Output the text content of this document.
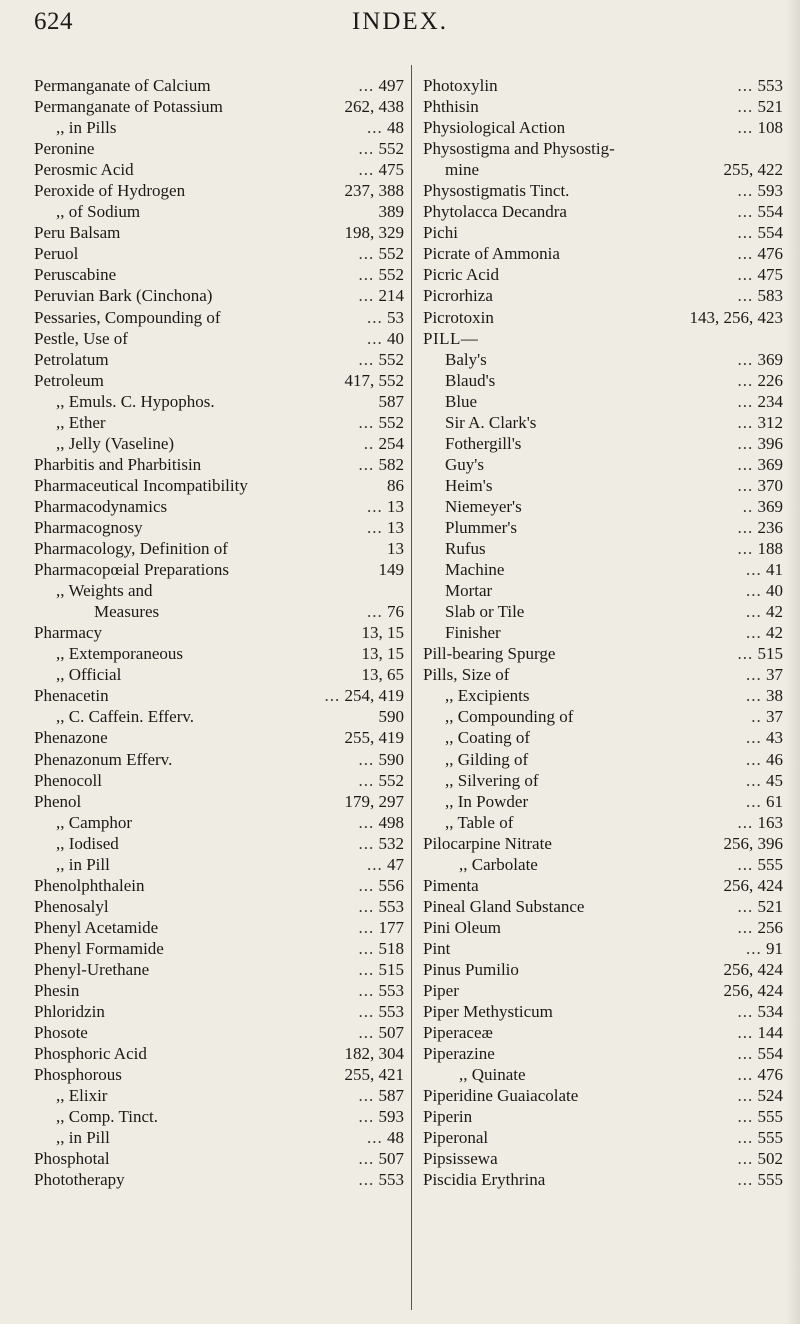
624	INDEX.
Permanganate of Calcium	... 497
Permanganate of Potassium	262, 438
,, in Pills	... 48
Peronine	... 552
Perosmic Acid	... 475
Peroxide of Hydrogen	237, 388
,, of Sodium	389
Peru Balsam	198, 329
Peruol	... 552
Peruscabine	... 552
Peruvian Bark (Cinchona)	... 214
Pessaries, Compounding of	... 53
Pestle, Use of	... 40
Petrolatum	... 552
Petroleum	417, 552
,, Emuls. C. Hypophos.	587
,, Ether	... 552
,, Jelly (Vaseline)	.. 254
Pharbitis and Pharbitisin	... 582
Pharmaceutical Incompatibility	86
Pharmacodynamics	... 13
Pharmacognosy	... 13
Pharmacology, Definition of	13
Pharmacopœial Preparations	149
,, Weights and
Measures	... 76
Pharmacy	13, 15
,, Extemporaneous	13, 15
,, Official	13, 65
Phenacetin	... 254, 419
,, C. Caffein. Efferv.	590
Phenazone	255, 419
Phenazonum Efferv.	... 590
Phenocoll	... 552
Phenol	179, 297
,, Camphor	... 498
,, Iodised	... 532
,, in Pill	... 47
Phenolphthalein	... 556
Phenosalyl	... 553
Phenyl Acetamide	... 177
Phenyl Formamide	... 518
Phenyl-Urethane	... 515
Phesin	... 553
Phloridzin	... 553
Phosote	... 507
Phosphoric Acid	182, 304
Phosphorous	255, 421
,, Elixir	... 587
,, Comp. Tinct.	... 593
,, in Pill	... 48
Phosphotal	... 507
Phototherapy	... 553
Photoxylin	... 553
Phthisin	... 521
Physiological Action	... 108
Physostigma and Physostig-
mine	255, 422
Physostigmatis Tinct.	... 593
Phytolacca Decandra	... 554
Pichi	... 554
Picrate of Ammonia	... 476
Picric Acid	... 475
Picrorhiza	... 583
Picrotoxin	143, 256, 423
PILL—
Baly's	... 369
Blaud's	... 226
Blue	... 234
Sir A. Clark's	... 312
Fothergill's	... 396
Guy's	... 369
Heim's	... 370
Niemeyer's	.. 369
Plummer's	... 236
Rufus	... 188
Machine	... 41
Mortar	... 40
Slab or Tile	... 42
Finisher	... 42
Pill-bearing Spurge	... 515
Pills, Size of	... 37
,, Excipients	... 38
,, Compounding of	.. 37
,, Coating of	... 43
,, Gilding of	... 46
,, Silvering of	... 45
,, In Powder	... 61
,, Table of	... 163
Pilocarpine Nitrate	256, 396
,, Carbolate	... 555
Pimenta	256, 424
Pineal Gland Substance	... 521
Pini Oleum	... 256
Pint	... 91
Pinus Pumilio	256, 424
Piper	256, 424
Piper Methysticum	... 534
Piperaceæ	... 144
Piperazine	... 554
,, Quinate	... 476
Piperidine Guaiacolate	... 524
Piperin	... 555
Piperonal	... 555
Pipsissewa	... 502
Piscidia Erythrina	... 555
